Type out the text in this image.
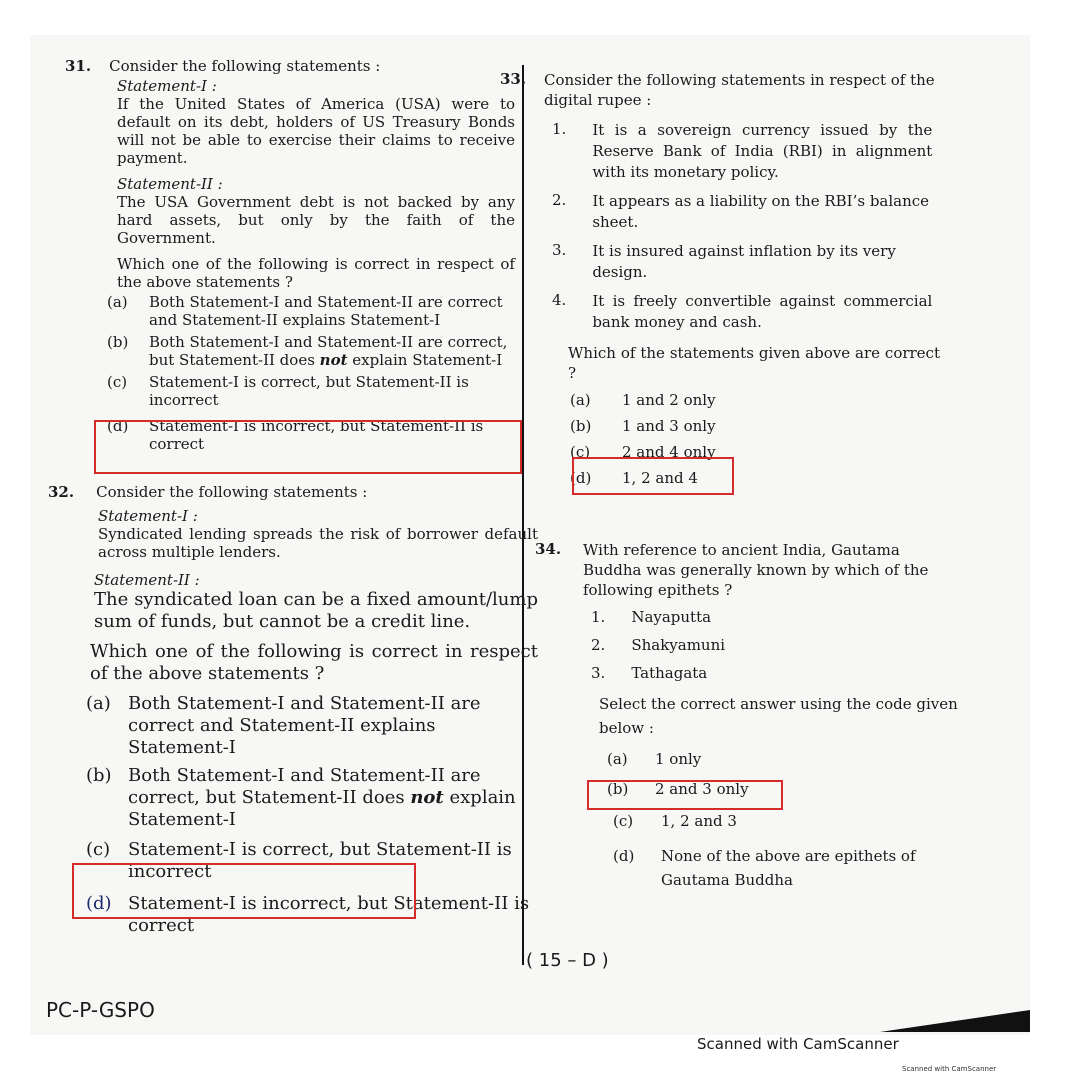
31. Consider the following statements :
Statement-I :
If the United States of America (USA) were to default on its debt, holders of US Treasury Bonds will not be able to exercise their claims to receive payment.
Statement-II :
The USA Government debt is not backed by any hard assets, but only by the faith of the Government.
Which one of the following is correct in respect of the above statements ?
(a)	Both Statement-I and Statement-II are correct and Statement-II explains Statement-I
(b)	Both Statement-I and Statement-II are correct, but Statement-II does not explain Statement-I
(c)	Statement-I is correct, but Statement-II is incorrect
(d)	Statement-I is incorrect, but Statement-II is correct
32. Consider the following statements :
Statement-I :
Syndicated lending spreads the risk of borrower default across multiple lenders.
Statement-II :
The syndicated loan can be a fixed amount/lump sum of funds, but cannot be a credit line.
Which one of the following is correct in respect of the above statements ?
(a) Both Statement-I and Statement-II are correct and Statement-II explains Statement-I
(b) Both Statement-I and Statement-II are correct, but Statement-II does not explain Statement-I
(c) Statement-I is correct, but Statement-II is incorrect
(d) Statement-I is incorrect, but Statement-II is correct
33. Consider the following statements in respect of the digital rupee :
1. It is a sovereign currency issued by the Reserve Bank of India (RBI) in alignment with its monetary policy.
2. It appears as a liability on the RBI’s balance sheet.
3. It is insured against inflation by its very design.
4. It is freely convertible against commercial bank money and cash.
Which of the statements given above are correct ?
(a)	1 and 2 only
(b)	1 and 3 only
(c)	2 and 4 only
(d)	1, 2 and 4
34. With reference to ancient India, Gautama Buddha was generally known by which of the following epithets ?
1. Nayaputta
2. Shakyamuni
3. Tathagata
Select the correct answer using the code given below :
(a)	1 only
(b)	2 and 3 only
(c)	1, 2 and 3
(d)	None of the above are epithets of Gautama Buddha
( 15 – D )
PC-P-GSPO
Scanned with CamScanner
Scanned with CamScanner
